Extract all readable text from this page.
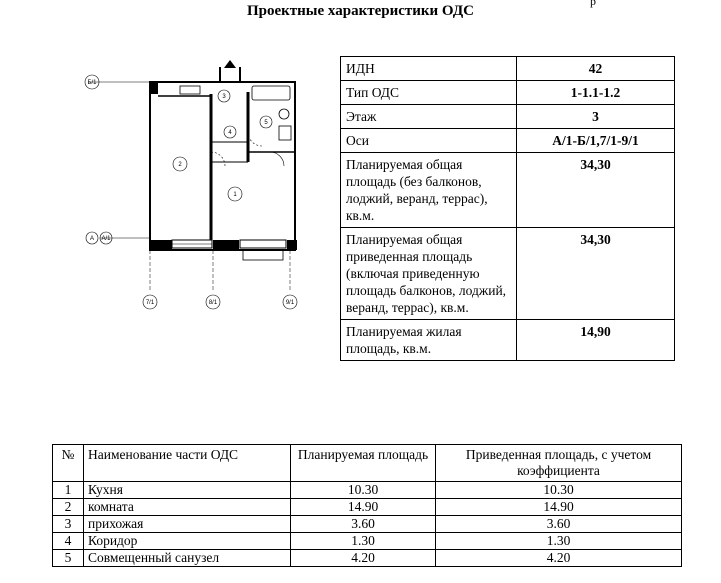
Проектные характеристики ОДС
р
2
1
3
4
5
Б/1
А А/1
7/1	8/1	9/1
ИДН	42
Тип ОДС	1-1.1-1.2
Этаж	3
Оси	А/1-Б/1,7/1-9/1
Планируемая общая площадь (без балконов, лоджий, веранд, террас), кв.м.	34,30
Планируемая общая приведенная площадь (включая приведенную площадь балконов, лоджий, веранд, террас), кв.м.	34,30
Планируемая жилая площадь, кв.м.	14,90
№	Наименование части ОДС	Планируемая площадь	Приведенная площадь, с учетом коэффициента
1	Кухня	10.30	10.30
2	комната	14.90	14.90
3	прихожая	3.60	3.60
4	Коридор	1.30	1.30
5	Совмещенный санузел	4.20	4.20
